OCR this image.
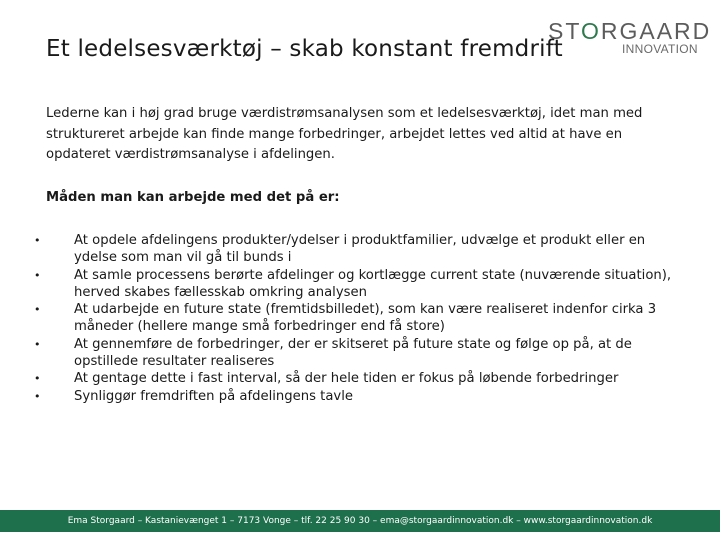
Et ledelsesværktøj – skab konstant fremdrift
STORGAARD
INNOVATION
Lederne kan i høj grad bruge værdistrømsanalysen som et ledelsesværktøj, idet man med struktureret arbejde kan finde mange forbedringer, arbejdet lettes ved altid at have en opdateret værdistrømsanalyse i afdelingen.
Måden man kan arbejde med det på er:
•	At opdele afdelingens produkter/ydelser i produktfamilier, udvælge et produkt eller en ydelse som man vil gå til bunds i
•	At samle processens berørte afdelinger og kortlægge current state (nuværende situation), herved skabes fællesskab omkring analysen
•	At udarbejde en future state (fremtidsbilledet), som kan være realiseret indenfor cirka 3 måneder (hellere mange små forbedringer end få store)
•	At gennemføre de forbedringer, der er skitseret på future state og følge op på, at de opstillede resultater realiseres
•	At gentage dette i fast interval, så der hele tiden er fokus på løbende forbedringer
•	Synliggør fremdriften på afdelingens tavle
Ema Storgaard – Kastanievænget 1 – 7173 Vonge – tlf. 22 25 90 30 – ema@storgaardinnovation.dk – www.storgaardinnovation.dk
